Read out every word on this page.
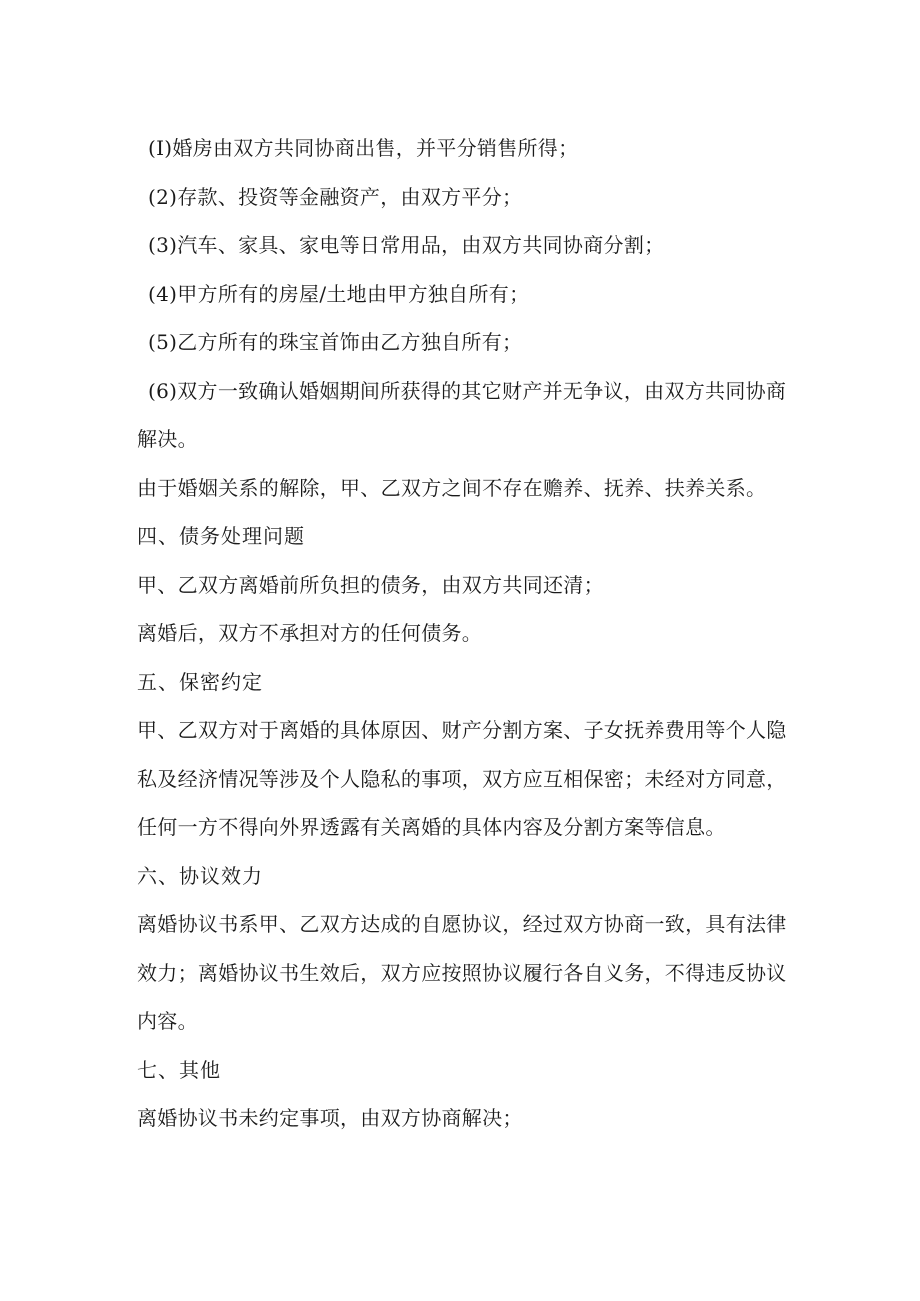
(I)婚房由双方共同协商出售，并平分销售所得；

(2)存款、投资等金融资产，由双方平分；

(3)汽车、家具、家电等日常用品，由双方共同协商分割；

(4)甲方所有的房屋/土地由甲方独自所有；

(5)乙方所有的珠宝首饰由乙方独自所有；

(6)双方一致确认婚姻期间所获得的其它财产并无争议，由双方共同协商

解决。

由于婚姻关系的解除，甲、乙双方之间不存在赡养、抚养、扶养关系。

四、债务处理问题

甲、乙双方离婚前所负担的债务，由双方共同还清；

离婚后，双方不承担对方的任何债务。

五、保密约定

甲、乙双方对于离婚的具体原因、财产分割方案、子女抚养费用等个人隐

私及经济情况等涉及个人隐私的事项，双方应互相保密；未经对方同意，

任何一方不得向外界透露有关离婚的具体内容及分割方案等信息。

六、协议效力

离婚协议书系甲、乙双方达成的自愿协议，经过双方协商一致，具有法律

效力；离婚协议书生效后，双方应按照协议履行各自义务，不得违反协议

内容。

七、其他

离婚协议书未约定事项，由双方协商解决；
